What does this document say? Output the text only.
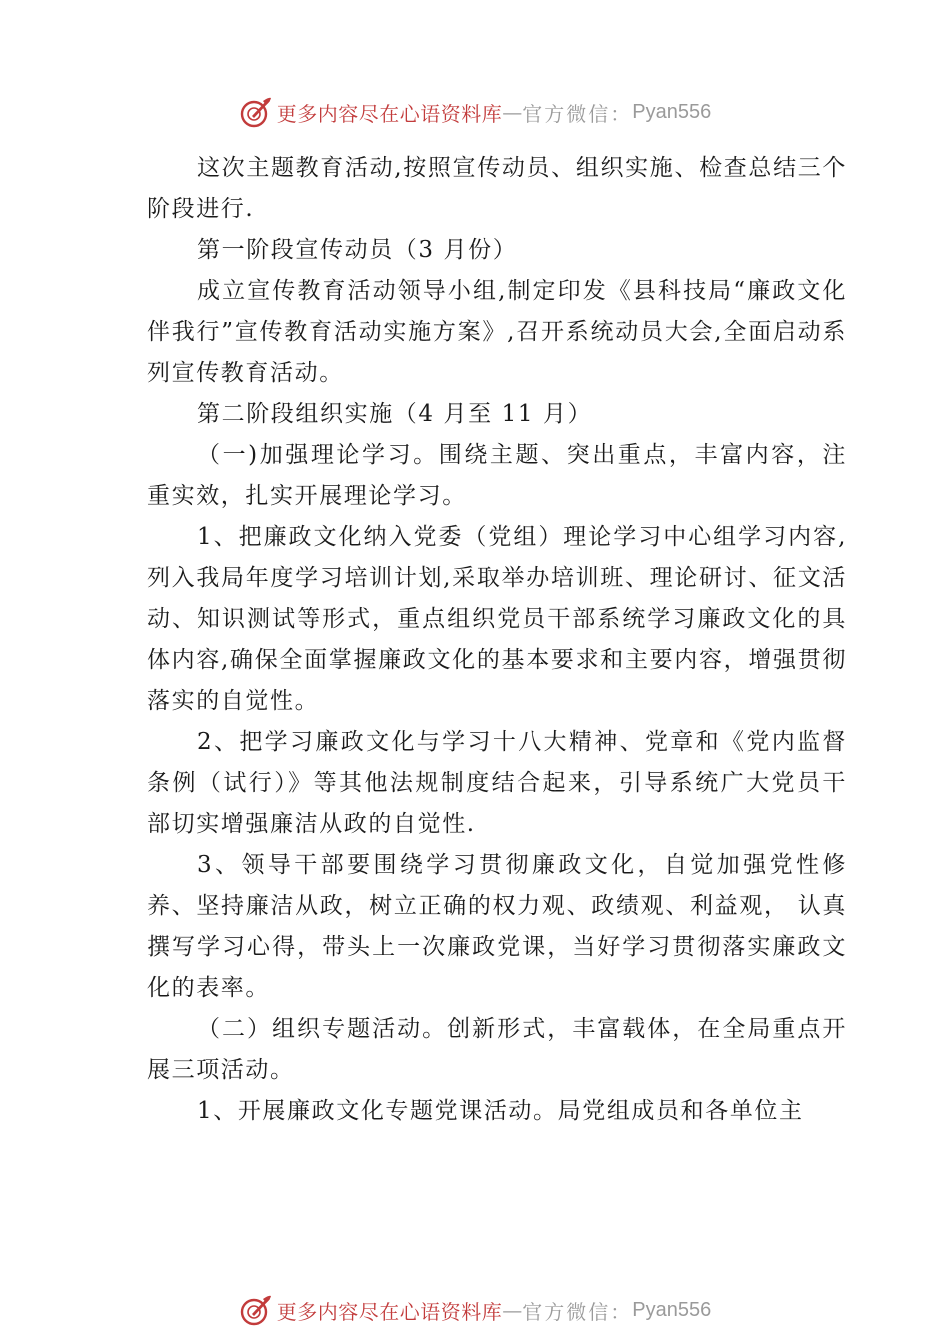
更多内容尽在心语资料库 — 官方微信： Pyan556

这次主题教育活动,按照宣传动员、组织实施、检查总结三个阶段进行.

第一阶段宣传动员（3 月份）

成立宣传教育活动领导小组,制定印发《县科技局“廉政文化伴我行”宣传教育活动实施方案》,召开系统动员大会,全面启动系列宣传教育活动。

第二阶段组织实施（4 月至 11 月）

（一)加强理论学习。围绕主题、突出重点，丰富内容，注重实效，扎实开展理论学习。

1、把廉政文化纳入党委（党组）理论学习中心组学习内容,列入我局年度学习培训计划,采取举办培训班、理论研讨、征文活动、知识测试等形式，重点组织党员干部系统学习廉政文化的具体内容,确保全面掌握廉政文化的基本要求和主要内容，增强贯彻落实的自觉性。

2、把学习廉政文化与学习十八大精神、党章和《党内监督条例（试行）》等其他法规制度结合起来，引导系统广大党员干部切实增强廉洁从政的自觉性.

3、领导干部要围绕学习贯彻廉政文化，自觉加强党性修养、坚持廉洁从政，树立正确的权力观、政绩观、利益观， 认真撰写学习心得，带头上一次廉政党课，当好学习贯彻落实廉政文化的表率。

（二）组织专题活动。创新形式，丰富载体，在全局重点开展三项活动。

1、开展廉政文化专题党课活动。局党组成员和各单位主

更多内容尽在心语资料库 — 官方微信： Pyan556
